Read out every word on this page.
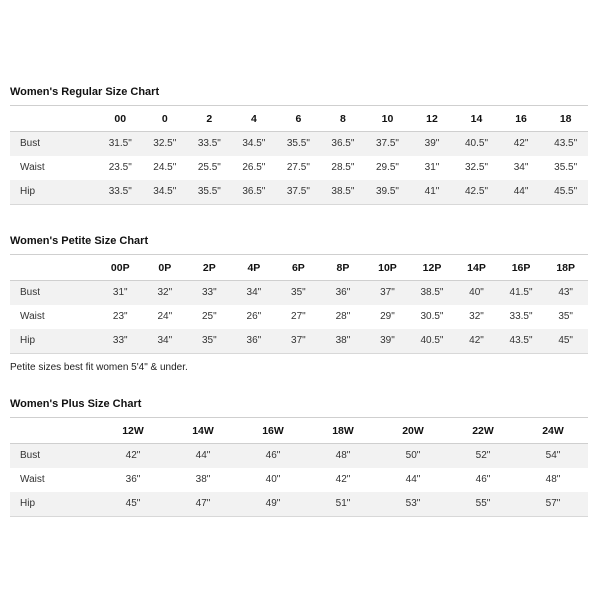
Women's Regular Size Chart
	00	0	2	4	6	8	10	12	14	16	18
Bust	31.5"	32.5"	33.5"	34.5"	35.5"	36.5"	37.5"	39"	40.5"	42"	43.5"
Waist	23.5"	24.5"	25.5"	26.5"	27.5"	28.5"	29.5"	31"	32.5"	34"	35.5"
Hip	33.5"	34.5"	35.5"	36.5"	37.5"	38.5"	39.5"	41"	42.5"	44"	45.5"
Women's Petite Size Chart
	00P	0P	2P	4P	6P	8P	10P	12P	14P	16P	18P
Bust	31"	32"	33"	34"	35"	36"	37"	38.5"	40"	41.5"	43"
Waist	23"	24"	25"	26"	27"	28"	29"	30.5"	32"	33.5"	35"
Hip	33"	34"	35"	36"	37"	38"	39"	40.5"	42"	43.5"	45"
Petite sizes best fit women 5'4" & under.
Women's Plus Size Chart
	12W	14W	16W	18W	20W	22W	24W
Bust	42"	44"	46"	48"	50"	52"	54"
Waist	36"	38"	40"	42"	44"	46"	48"
Hip	45"	47"	49"	51"	53"	55"	57"
